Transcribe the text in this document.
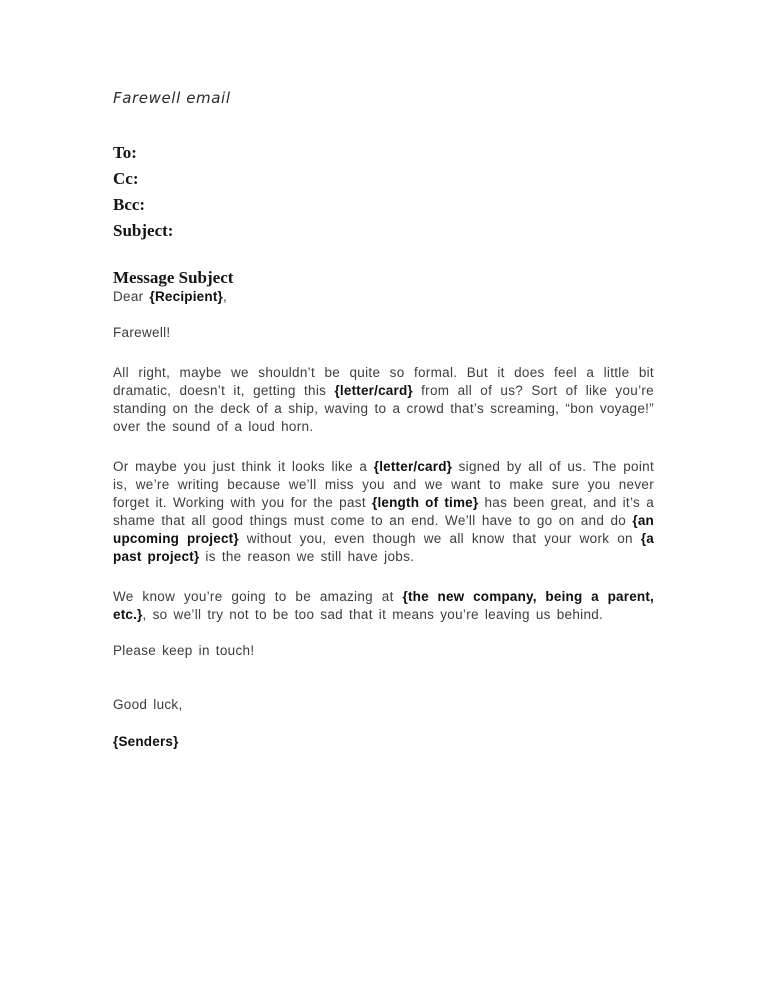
Farewell email
To:
Cc:
Bcc:
Subject:
Message Subject
Dear {Recipient},
Farewell!
All right, maybe we shouldn’t be quite so formal. But it does feel a little bit dramatic, doesn’t it, getting this {letter/card} from all of us? Sort of like you’re standing on the deck of a ship, waving to a crowd that’s screaming, “bon voyage!” over the sound of a loud horn.
Or maybe you just think it looks like a {letter/card} signed by all of us. The point is, we’re writing because we’ll miss you and we want to make sure you never forget it. Working with you for the past {length of time} has been great, and it’s a shame that all good things must come to an end. We’ll have to go on and do {an upcoming project} without you, even though we all know that your work on {a past project} is the reason we still have jobs.
We know you’re going to be amazing at {the new company, being a parent, etc.}, so we’ll try not to be too sad that it means you’re leaving us behind.
Please keep in touch!
Good luck,
{Senders}
